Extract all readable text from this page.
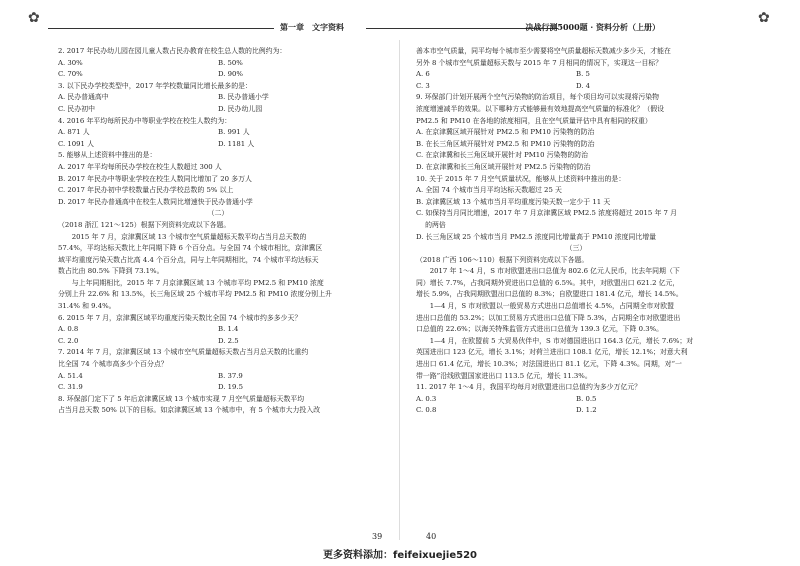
第一章　文字资料	决战行测5000题 · 资料分析（上册）
✿	✿
2. 2017 年民办幼儿园在园儿童人数占民办教育在校生总人数的比例约为：
A. 30%	B. 50%
C. 70%	D. 90%
3. 以下民办学校类型中，2017 年学校数量同比增长最多的是：
A. 民办普通高中	B. 民办普通小学
C. 民办初中	D. 民办幼儿园
4. 2016 年平均每所民办中等职业学校在校生人数约为：
A. 871 人	B. 991 人
C. 1091 人	D. 1181 人
5. 能够从上述资料中推出的是：
A. 2017 年平均每所民办学校在校生人数超过 300 人
B. 2017 年民办中等职业学校在校生人数同比增加了 20 多万人
C. 2017 年民办初中学校数量占民办学校总数的 5% 以上
D. 2017 年民办普通高中在校生人数同比增速快于民办普通小学
（二）
（2018 浙江 121～125）根据下列资料完成以下各题。
　　2015 年 7 月，京津冀区域 13 个城市空气质量超标天数平均占当月总天数的
57.4%，平均达标天数比上年同期下降 6 个百分点。与全国 74 个城市相比，京津冀区
域平均重度污染天数占比高 4.4 个百分点，同与上年同期相比，74 个城市平均达标天
数占比由 80.5% 下降到 73.1%。
　　与上年同期相比，2015 年 7 月京津冀区域 13 个城市平均 PM2.5 和 PM10 浓度
分别上升 22.6% 和 13.5%，长三角区域 25 个城市平均 PM2.5 和 PM10 浓度分别上升
31.4% 和 9.4%。
6. 2015 年 7 月，京津冀区域平均重度污染天数比全国 74 个城市约多多少天？
A. 0.8	B. 1.4
C. 2.0	D. 2.5
7. 2014 年 7 月，京津冀区域 13 个城市空气质量超标天数占当月总天数的比重约
比全国 74 个城市高多少个百分点？
A. 51.4	B. 37.9
C. 31.9	D. 19.5
8. 环保部门定下了 5 年后京津冀区域 13 个城市实现 7 月空气质量超标天数平均
占当月总天数 50% 以下的目标。如京津冀区域 13 个城市中，有 5 个城市大力投入改
善本市空气质量，同平均每个城市至少需要将空气质量超标天数减少多少天，才能在
另外 8 个城市空气质量超标天数与 2015 年 7 月相同的情况下，实现这一目标？
A. 6	B. 5
C. 3	D. 4
9. 环保部门计划开展两个空气污染物的防治项目，每个项目均可以实现将污染物
浓度增速减半的效果。以下哪种方式能够最有效地提高空气质量的标准化？（假设
PM2.5 和 PM10 在各地的浓度相同，且在空气质量评估中具有相同的权重）
A. 在京津冀区域开展针对 PM2.5 和 PM10 污染物的防治
B. 在长三角区域开展针对 PM2.5 和 PM10 污染物的防治
C. 在京津冀和长三角区域开展针对 PM10 污染物的防治
D. 在京津冀和长三角区域开展针对 PM2.5 污染物的防治
10. 关于 2015 年 7 月空气质量状况，能够从上述资料中推出的是：
A. 全国 74 个城市当月平均达标天数超过 25 天
B. 京津冀区域 13 个城市当月平均重度污染天数一定少于 11 天
C. 如保持当月同比增速，2017 年 7 月京津冀区域 PM2.5 浓度将超过 2015 年 7 月
　 的两倍
D. 长三角区域 25 个城市当月 PM2.5 浓度同比增量高于 PM10 浓度同比增量
（三）
（2018 广西 106～110）根据下列资料完成以下各题。
　　2017 年 1～4 月，S 市对欧盟进出口总值为 802.6 亿元人民币，比去年同期（下
同）增长 7.7%，占我同期外贸进出口总值的 6.5%。其中，对欧盟出口 621.2 亿元，
增长 5.9%，占我同期欧盟出口总值的 8.3%；自欧盟进口 181.4 亿元，增长 14.5%。
　　1—4 月，S 市对欧盟以一般贸易方式进出口总值增长 4.5%，占同期全市对欧盟
进出口总值的 53.2%；以加工贸易方式进出口总值下降 5.3%，占同期全市对欧盟进出
口总值的 22.6%；以海关特殊监管方式进出口总值为 139.3 亿元，下降 0.3%。
　　1—4 月，在欧盟前 5 大贸易伙伴中，S 市对德国进出口 164.3 亿元，增长 7.6%；对
英国进出口 123 亿元，增长 3.1%；对荷兰进出口 108.1 亿元，增长 12.1%；对意大利
进出口 61.4 亿元，增长 10.3%；对法国进出口 81.1 亿元，下降 4.3%。同期，对“一
带一路”沿线欧盟国家进出口 113.5 亿元，增长 11.3%。
11. 2017 年 1～4 月，我国平均每月对欧盟进出口总值约为多少万亿元？
A. 0.3	B. 0.5
C. 0.8	D. 1.2
39	40
更多资料添加：feifeixuejie520
